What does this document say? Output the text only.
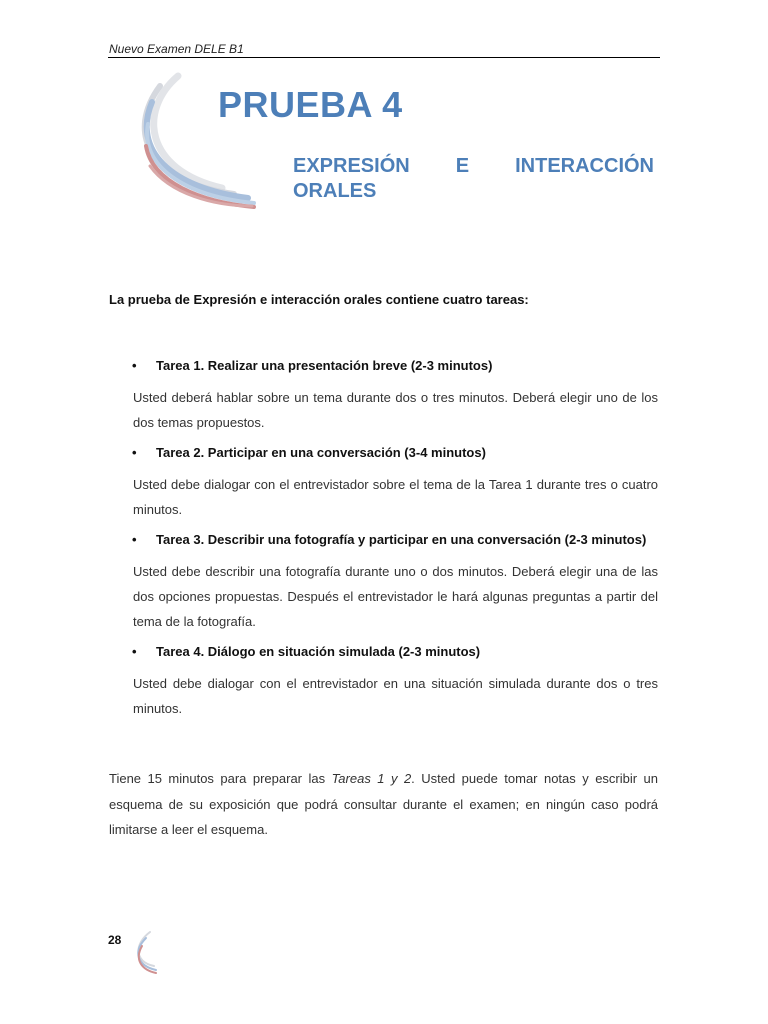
Nuevo Examen DELE B1
PRUEBA 4
EXPRESIÓN E INTERACCIÓN
ORALES
La prueba de Expresión e interacción orales contiene cuatro tareas:
• Tarea 1. Realizar una presentación breve (2-3 minutos)
Usted deberá hablar sobre un tema durante dos o tres minutos. Deberá elegir uno de los dos temas propuestos.
• Tarea 2. Participar en una conversación (3-4 minutos)
Usted debe dialogar con el entrevistador sobre el tema de la Tarea 1 durante tres o cuatro minutos.
• Tarea 3. Describir una fotografía y participar en una conversación (2-3 minutos)
Usted debe describir una fotografía durante uno o dos minutos. Deberá elegir una de las dos opciones propuestas. Después el entrevistador le hará algunas preguntas a partir del tema de la fotografía.
• Tarea 4. Diálogo en situación simulada (2-3 minutos)
Usted debe dialogar con el entrevistador en una situación simulada durante dos o tres minutos.
Tiene 15 minutos para preparar las Tareas 1 y 2. Usted puede tomar notas y escribir un esquema de su exposición que podrá consultar durante el examen; en ningún caso podrá limitarse a leer el esquema.
28
